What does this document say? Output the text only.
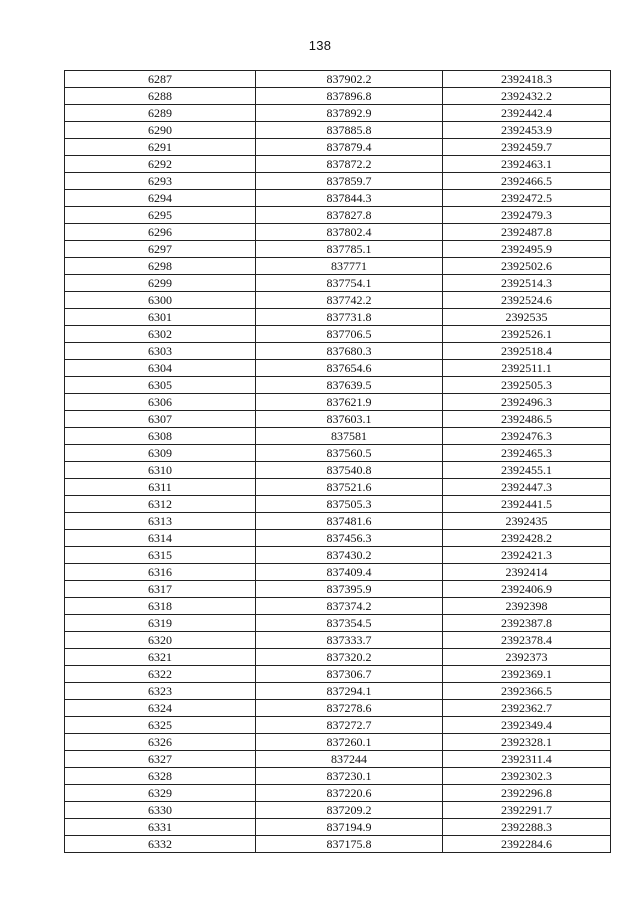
138
6287	837902.2	2392418.3
6288	837896.8	2392432.2
6289	837892.9	2392442.4
6290	837885.8	2392453.9
6291	837879.4	2392459.7
6292	837872.2	2392463.1
6293	837859.7	2392466.5
6294	837844.3	2392472.5
6295	837827.8	2392479.3
6296	837802.4	2392487.8
6297	837785.1	2392495.9
6298	837771	2392502.6
6299	837754.1	2392514.3
6300	837742.2	2392524.6
6301	837731.8	2392535
6302	837706.5	2392526.1
6303	837680.3	2392518.4
6304	837654.6	2392511.1
6305	837639.5	2392505.3
6306	837621.9	2392496.3
6307	837603.1	2392486.5
6308	837581	2392476.3
6309	837560.5	2392465.3
6310	837540.8	2392455.1
6311	837521.6	2392447.3
6312	837505.3	2392441.5
6313	837481.6	2392435
6314	837456.3	2392428.2
6315	837430.2	2392421.3
6316	837409.4	2392414
6317	837395.9	2392406.9
6318	837374.2	2392398
6319	837354.5	2392387.8
6320	837333.7	2392378.4
6321	837320.2	2392373
6322	837306.7	2392369.1
6323	837294.1	2392366.5
6324	837278.6	2392362.7
6325	837272.7	2392349.4
6326	837260.1	2392328.1
6327	837244	2392311.4
6328	837230.1	2392302.3
6329	837220.6	2392296.8
6330	837209.2	2392291.7
6331	837194.9	2392288.3
6332	837175.8	2392284.6
